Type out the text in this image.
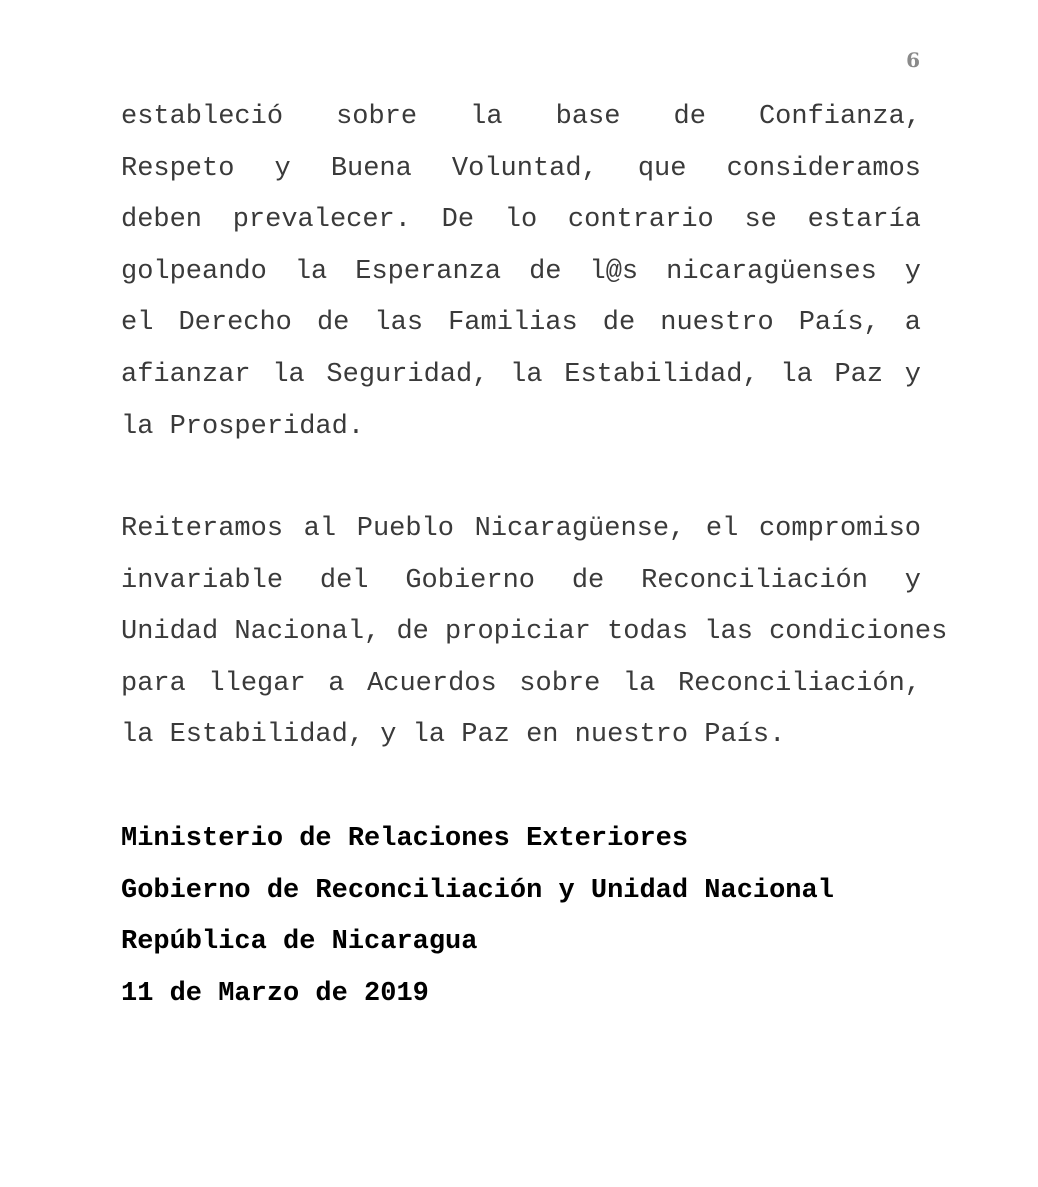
6
estableció sobre la base de Confianza,
Respeto y Buena Voluntad, que consideramos
deben prevalecer. De lo contrario se estaría
golpeando la Esperanza de l@s nicaragüenses y
el Derecho de las Familias de nuestro País, a
afianzar la Seguridad, la Estabilidad, la Paz y
la Prosperidad.
Reiteramos al Pueblo Nicaragüense, el compromiso
invariable del Gobierno de Reconciliación y
Unidad Nacional, de propiciar todas las condiciones
para llegar a Acuerdos sobre la Reconciliación,
la Estabilidad, y la Paz en nuestro País.
Ministerio de Relaciones Exteriores
Gobierno de Reconciliación y Unidad Nacional
República de Nicaragua
11 de Marzo de 2019
